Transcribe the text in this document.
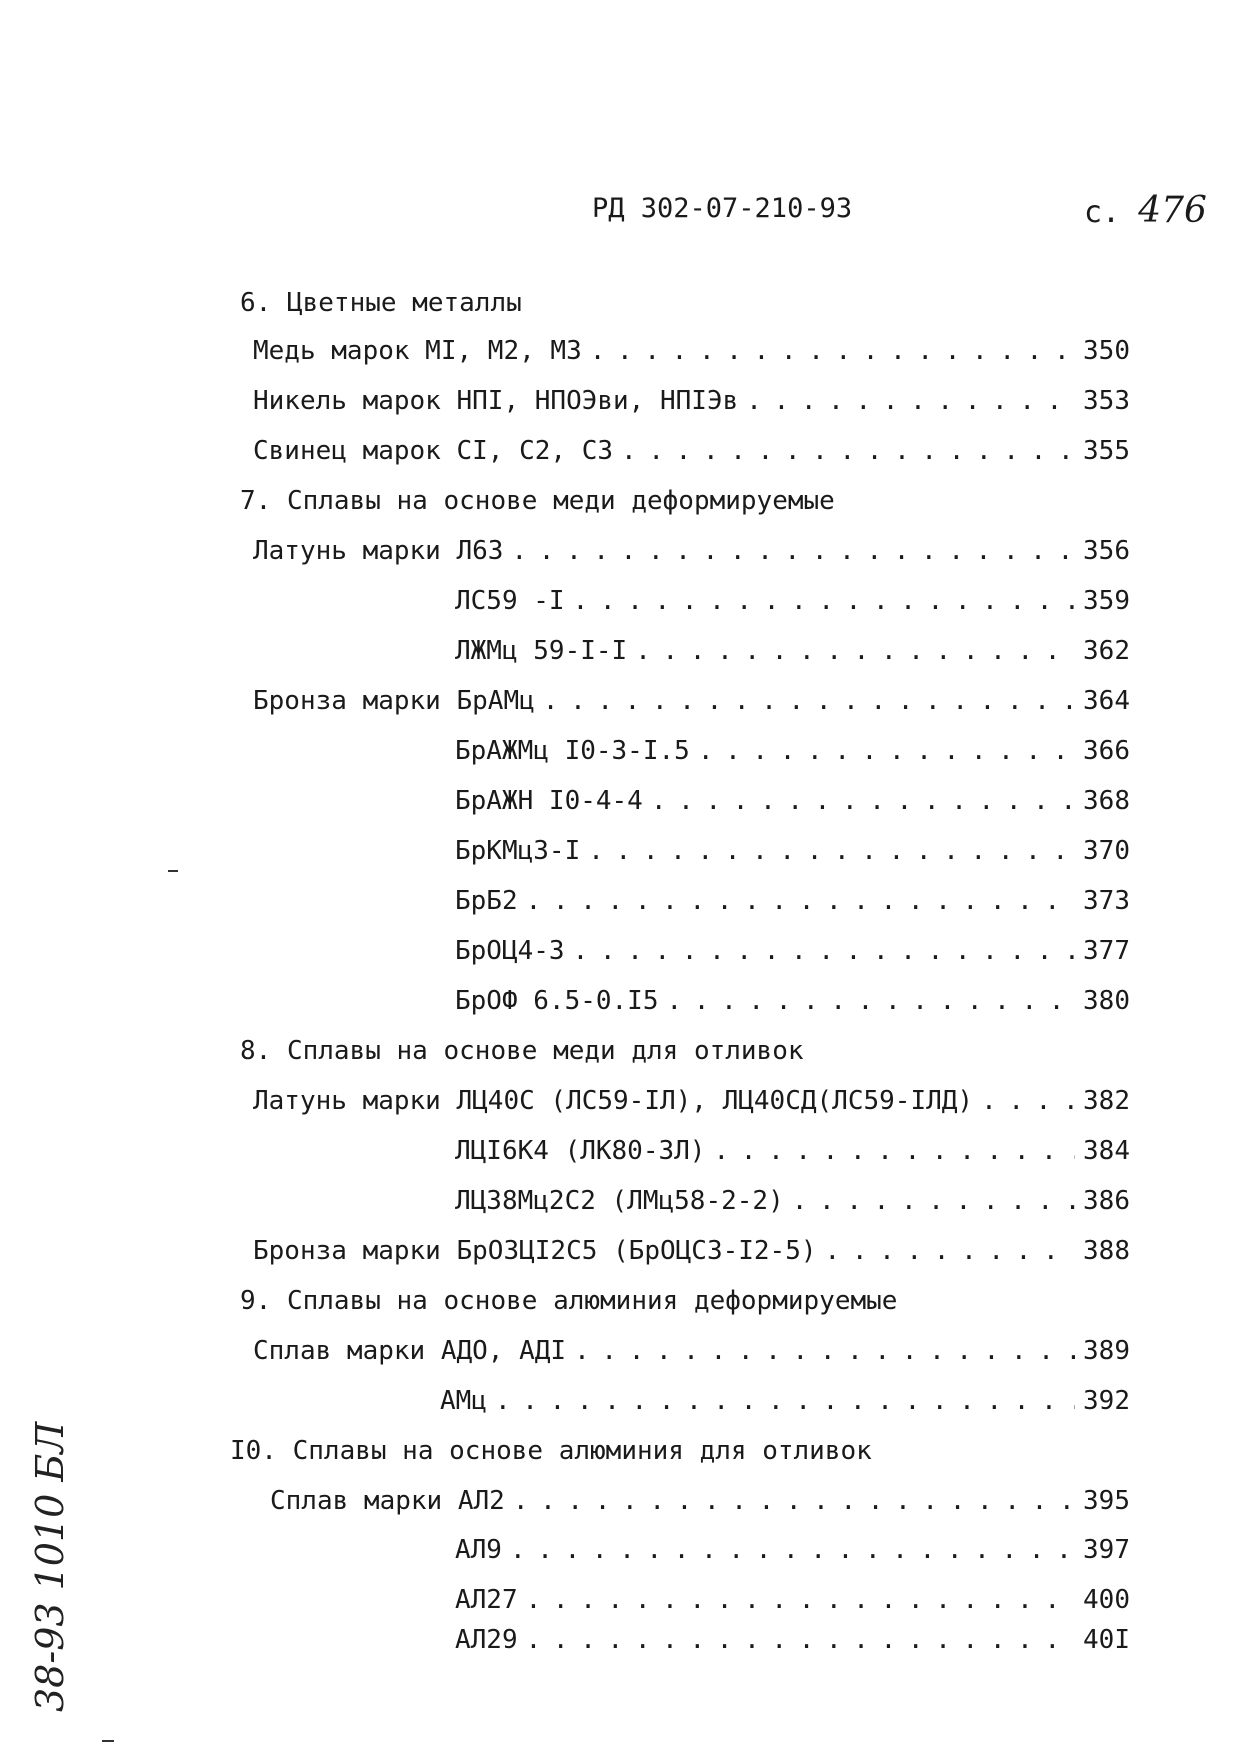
РД 302-07-210-93	с. 476
6. Цветные металлы
Медь марок МI, М2, М3 . . .	350
Никель марок НПI, НПОЭви, НПIЭв . . .	353
Свинец марок СI, С2, С3 . . .	355
7. Сплавы на основе меди деформируемые
Латунь марки Л63 . . .	356
ЛС59 -I . . .	359
ЛЖМц 59-I-I . . .	362
Бронза марки БрАМц . . .	364
БрАЖМц I0-3-I.5 . . .	366
БрАЖН I0-4-4 . . .	368
БрКМц3-I . . .	370
БрБ2 . . .	373
БрОЦ4-3 . . .	377
БрОФ 6.5-0.I5 . . .	380
8. Сплавы на основе меди для отливок
Латунь марки ЛЦ40С (ЛС59-IЛ), ЛЦ40СД(ЛС59-IЛД) . . .	382
ЛЦI6К4 (ЛК80-3Л) . . .	384
ЛЦ38Мц2С2 (ЛМц58-2-2) . . .	386
Бронза марки БрО3ЦI2С5 (БрОЦС3-I2-5) . . .	388
9. Сплавы на основе алюминия деформируемые
Сплав марки АДО, АДI . . .	389
АМц . . .	392
I0. Сплавы на основе алюминия для отливок
Сплав марки АЛ2 . . .	395
АЛ9 . . .	397
АЛ27 . . .	400
АЛ29 . . .	40I
38-93 1010 БЛ
